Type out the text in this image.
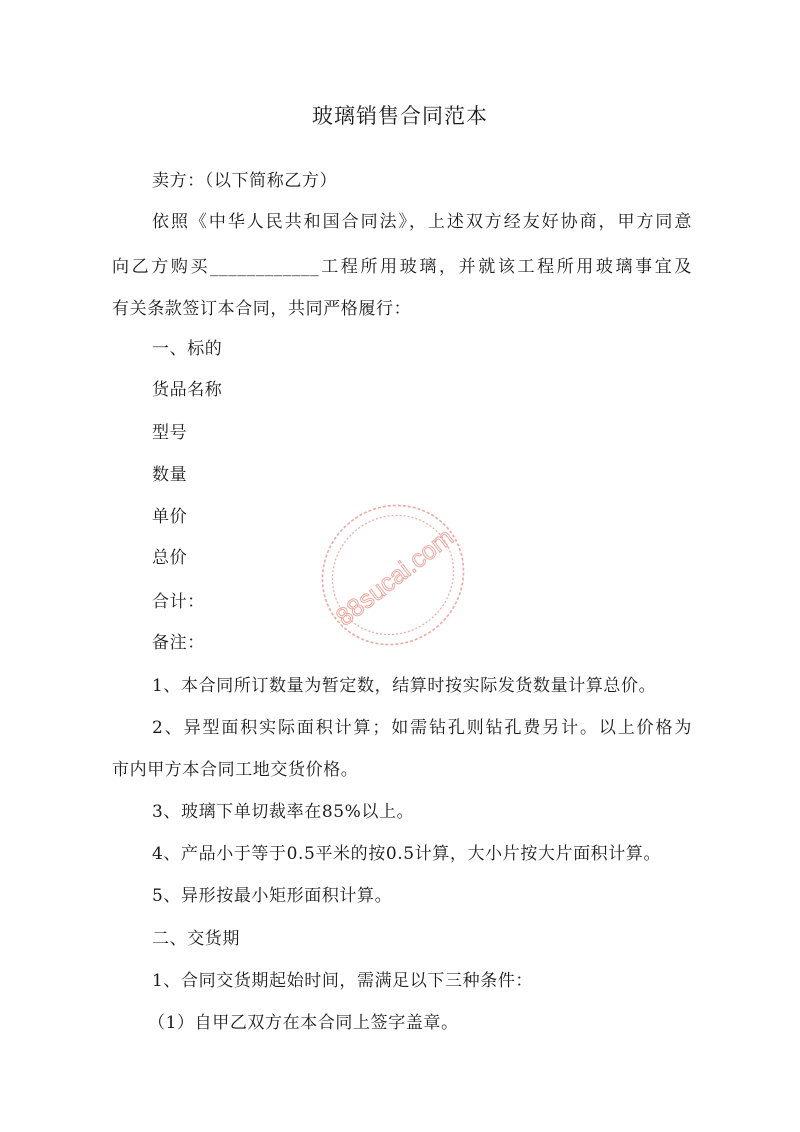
玻璃销售合同范本
卖方：（以下简称乙方）
依照《中华人民共和国合同法》，上述双方经友好协商，甲方同意
向乙方购买____________工程所用玻璃，并就该工程所用玻璃事宜及
有关条款签订本合同，共同严格履行：
一、标的
货品名称
型号
数量
单价
总价
合计：
备注：
1、本合同所订数量为暂定数，结算时按实际发货数量计算总价。
2、异型面积实际面积计算；如需钻孔则钻孔费另计。以上价格为
市内甲方本合同工地交货价格。
3、玻璃下单切裁率在85%以上。
4、产品小于等于0.5平米的按0.5计算，大小片按大片面积计算。
5、异形按最小矩形面积计算。
二、交货期
1、合同交货期起始时间，需满足以下三种条件：
（1）自甲乙双方在本合同上签字盖章。
88sucai.com
